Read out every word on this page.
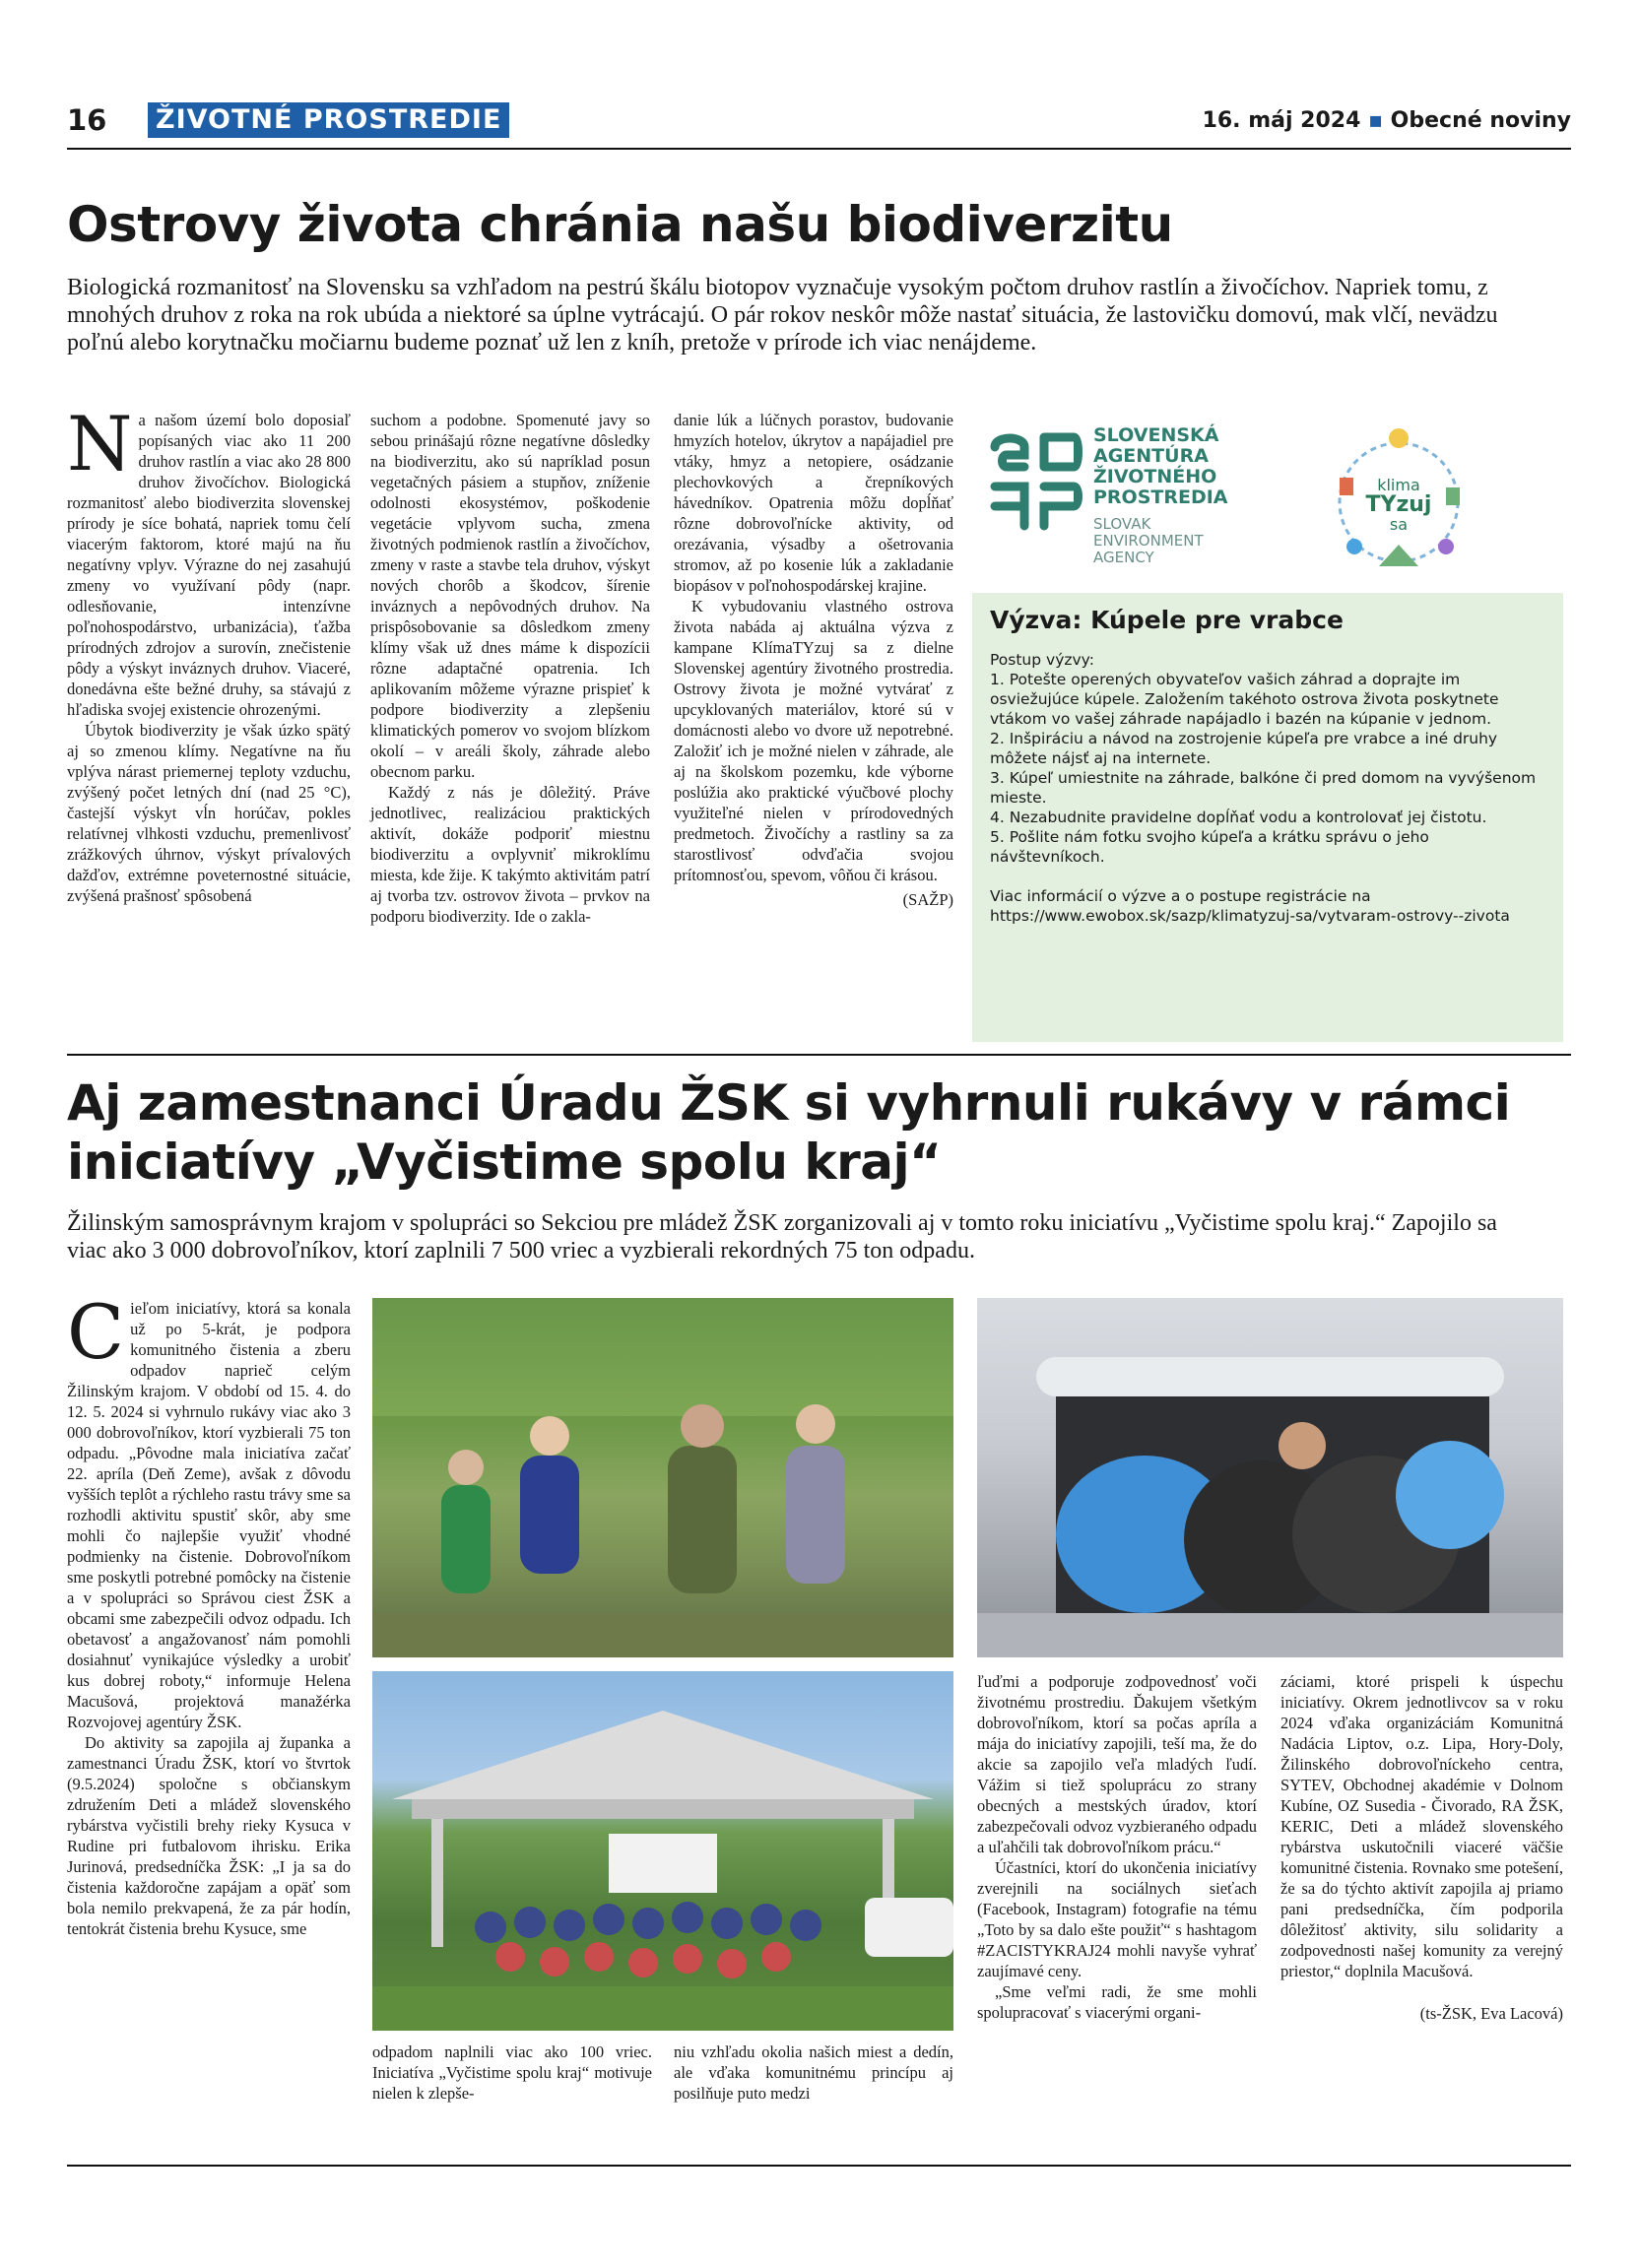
16 ŽIVOTNÉ PROSTREDIE	16. máj 2024 ▪ Obecné noviny
Ostrovy života chránia našu biodiverzitu

Biologická rozmanitosť na Slovensku sa vzhľadom na pestrú škálu biotopov vyznačuje vysokým počtom druhov rastlín a živočíchov. Napriek tomu, z mnohých druhov z roka na rok ubúda a niektoré sa úplne vytrácajú. O pár rokov neskôr môže nastať situácia, že lastovičku domovú, mak vlčí, nevädzu poľnú alebo korytnačku močiarnu budeme poznať už len z kníh, pretože v prírode ich viac nenájdeme.

Na našom území bolo doposiaľ popísaných viac ako 11 200 druhov rastlín a viac ako 28 800 druhov živočíchov. Biologická rozmanitosť alebo biodiverzita slovenskej prírody je síce bohatá, napriek tomu čelí viacerým faktorom, ktoré majú na ňu negatívny vplyv. Výrazne do nej zasahujú zmeny vo využívaní pôdy (napr. odlesňovanie, intenzívne poľnohospodárstvo, urbanizácia), ťažba prírodných zdrojov a surovín, znečistenie pôdy a výskyt inváznych druhov. Viaceré, donedávna ešte bežné druhy, sa stávajú z hľadiska svojej existencie ohrozenými.

Úbytok biodiverzity je však úzko spätý aj so zmenou klímy. Negatívne na ňu vplýva nárast priemernej teploty vzduchu, zvýšený počet letných dní (nad 25 °C), častejší výskyt vĺn horúčav, pokles relatívnej vlhkosti vzduchu, premenlivosť zrážkových úhrnov, výskyt prívalových dažďov, extrémne poveternostné situácie, zvýšená prašnosť spôsobená

suchom a podobne. Spomenuté javy so sebou prinášajú rôzne negatívne dôsledky na biodiverzitu, ako sú napríklad posun vegetačných pásiem a stupňov, zníženie odolnosti ekosystémov, poškodenie vegetácie vplyvom sucha, zmena životných podmienok rastlín a živočíchov, zmeny v raste a stavbe tela druhov, výskyt nových chorôb a škodcov, šírenie inváznych a nepôvodných druhov. Na prispôsobovanie sa dôsledkom zmeny klímy však už dnes máme k dispozícii rôzne adaptačné opatrenia. Ich aplikovaním môžeme výrazne prispieť k podpore biodiverzity a zlepšeniu klimatických pomerov vo svojom blízkom okolí – v areáli školy, záhrade alebo obecnom parku.

Každý z nás je dôležitý. Práve jednotlivec, realizáciou praktických aktivít, dokáže podporiť miestnu biodiverzitu a ovplyvniť mikroklímu miesta, kde žije. K takýmto aktivitám patrí aj tvorba tzv. ostrovov života – prvkov na podporu biodiverzity. Ide o zakla-

danie lúk a lúčnych porastov, budovanie hmyzích hotelov, úkrytov a napájadiel pre vtáky, hmyz a netopiere, osádzanie plechovkových a črepníkových hávedníkov. Opatrenia môžu dopĺňať rôzne dobrovoľnícke aktivity, od orezávania, výsadby a ošetrovania stromov, až po kosenie lúk a zakladanie biopásov v poľnohospodárskej krajine.

K vybudovaniu vlastného ostrova života nabáda aj aktuálna výzva z kampane KlímaTYzuj sa z dielne Slovenskej agentúry životného prostredia. Ostrovy života je možné vytvárať z upcyklovaných materiálov, ktoré sú v domácnosti alebo vo dvore už nepotrebné. Založiť ich je možné nielen v záhrade, ale aj na školskom pozemku, kde výborne poslúžia ako praktické výučbové plochy využiteľné nielen v prírodovedných predmetoch. Živočíchy a rastliny sa za starostlivosť odvďačia svojou prítomnosťou, spevom, vôňou či krásou.

(SAŽP)

SLOVENSKÁ
AGENTÚRA
ŽIVOTNÉHO
PROSTREDIA
SLOVAK
ENVIRONMENT
AGENCY
klima
TYzuj
sa
Výzva: Kúpele pre vrabce

Postup výzvy:

1. Potešte operených obyvateľov vašich záhrad a doprajte im osviežujúce kúpele. Založením takéhoto ostrova života poskytnete vtákom vo vašej záhrade napájadlo i bazén na kúpanie v jednom.

2. Inšpiráciu a návod na zostrojenie kúpeľa pre vrabce a iné druhy môžete nájsť aj na internete.

3. Kúpeľ umiestnite na záhrade, balkóne či pred domom na vyvýšenom mieste.

4. Nezabudnite pravidelne dopĺňať vodu a kontrolovať jej čistotu.

5. Pošlite nám fotku svojho kúpeľa a krátku správu o jeho návštevníkoch.

Viac informácií o výzve a o postupe registrácie na

https://www.ewobox.sk/sazp/klimatyzuj-sa/vytvaram-ostrovy--zivota

Aj zamestnanci Úradu ŽSK si vyhrnuli rukávy v rámci
iniciatívy „Vyčistime spolu kraj“

Žilinským samosprávnym krajom v spolupráci so Sekciou pre mládež ŽSK zorganizovali aj v tomto roku iniciatívu „Vyčistime spolu kraj.“ Zapojilo sa viac ako 3 000 dobrovoľníkov, ktorí zaplnili 7 500 vriec a vyzbierali rekordných 75 ton odpadu.

Cieľom iniciatívy, ktorá sa konala už po 5-krát, je podpora komunitného čistenia a zberu odpadov naprieč celým Žilinským krajom. V období od 15. 4. do 12. 5. 2024 si vyhrnulo rukávy viac ako 3 000 dobrovoľníkov, ktorí vyzbierali 75 ton odpadu. „Pôvodne mala iniciatíva začať 22. apríla (Deň Zeme), avšak z dôvodu vyšších teplôt a rýchleho rastu trávy sme sa rozhodli aktivitu spustiť skôr, aby sme mohli čo najlepšie využiť vhodné podmienky na čistenie. Dobrovoľníkom sme poskytli potrebné pomôcky na čistenie a v spolupráci so Správou ciest ŽSK a obcami sme zabezpečili odvoz odpadu. Ich obetavosť a angažovanosť nám pomohli dosiahnuť vynikajúce výsledky a urobiť kus dobrej roboty,“ informuje Helena Macušová, projektová manažérka Rozvojovej agentúry ŽSK.

Do aktivity sa zapojila aj županka a zamestnanci Úradu ŽSK, ktorí vo štvrtok (9.5.2024) spoločne s občianskym združením Deti a mládež slovenského rybárstva vyčistili brehy rieky Kysuca v Rudine pri futbalovom ihrisku. Erika Jurinová, predsedníčka ŽSK: „I ja sa do čistenia každoročne zapájam a opäť som bola nemilo prekvapená, že za pár hodín, tentokrát čistenia brehu Kysuce, sme

odpadom naplnili viac ako 100 vriec. Iniciatíva „Vyčistime spolu kraj“ motivuje nielen k zlepše-

niu vzhľadu okolia našich miest a dedín, ale vďaka komunitnému princípu aj posilňuje puto medzi

ľuďmi a podporuje zodpovednosť voči životnému prostrediu. Ďakujem všetkým dobrovoľníkom, ktorí sa počas apríla a mája do iniciatívy zapojili, teší ma, že do akcie sa zapojilo veľa mladých ľudí. Vážim si tiež spoluprácu zo strany obecných a mestských úradov, ktorí zabezpečovali odvoz vyzbieraného odpadu a uľahčili tak dobrovoľníkom prácu.“

Účastníci, ktorí do ukončenia iniciatívy zverejnili na sociálnych sieťach (Facebook, Instagram) fotografie na tému „Toto by sa dalo ešte použiť“ s hashtagom #ZACISTYKRAJ24 mohli navyše vyhrať zaujímavé ceny.

„Sme veľmi radi, že sme mohli spolupracovať s viacerými organi-

záciami, ktoré prispeli k úspechu iniciatívy. Okrem jednotlivcov sa v roku 2024 vďaka organizáciám Komunitná Nadácia Liptov, o.z. Lipa, Hory-Doly, Žilinského dobrovoľníckeho centra, SYTEV, Obchodnej akadémie v Dolnom Kubíne, OZ Susedia - Čivorado, RA ŽSK, KERIC, Deti a mládež slovenského rybárstva uskutočnili viaceré väčšie komunitné čistenia. Rovnako sme potešení, že sa do týchto aktivít zapojila aj priamo pani predsedníčka, čím podporila dôležitosť aktivity, silu solidarity a zodpovednosti našej komunity za verejný priestor,“ doplnila Macušová.

(ts-ŽSK, Eva Lacová)
